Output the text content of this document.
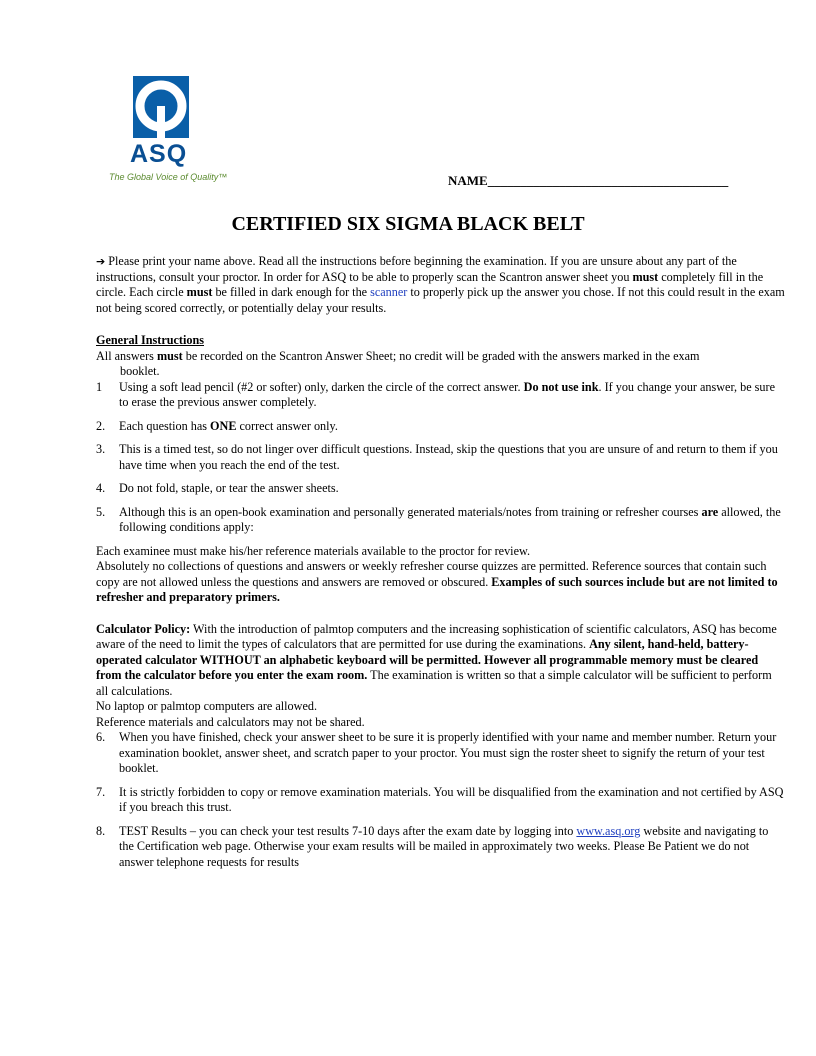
ASQ
The Global Voice of Quality™	NAME_____________________________________
CERTIFIED SIX SIGMA BLACK BELT

➔ Please print your name above. Read all the instructions before beginning the examination. If you are unsure about any part of the instructions, consult your proctor. In order for ASQ to be able to properly scan the Scantron answer sheet you must completely fill in the circle. Each circle must be filled in dark enough for the scanner to properly pick up the answer you chose. If not this could result in the exam not being scored correctly, or potentially delay your results.

General Instructions

All answers must be recorded on the Scantron Answer Sheet; no credit will be graded with the answers marked in the exam
booklet.

1	Using a soft lead pencil (#2 or softer) only, darken the circle of the correct answer. Do not use ink. If you change your answer, be sure to erase the previous answer completely.
2.	Each question has ONE correct answer only.
3.	This is a timed test, so do not linger over difficult questions. Instead, skip the questions that you are unsure of and return to them if you have time when you reach the end of the test.
4.	Do not fold, staple, or tear the answer sheets.
5.	Although this is an open-book examination and personally generated materials/notes from training or refresher courses are allowed, the following conditions apply:

Each examinee must make his/her reference materials available to the proctor for review.

Absolutely no collections of questions and answers or weekly refresher course quizzes are permitted. Reference sources that contain such copy are not allowed unless the questions and answers are removed or obscured. Examples of such sources include but are not limited to refresher and preparatory primers.

Calculator Policy: With the introduction of palmtop computers and the increasing sophistication of scientific calculators, ASQ has become aware of the need to limit the types of calculators that are permitted for use during the examinations. Any silent, hand-held, battery-operated calculator WITHOUT an alphabetic keyboard will be permitted. However all programmable memory must be cleared from the calculator before you enter the exam room. The examination is written so that a simple calculator will be sufficient to perform all calculations.

No laptop or palmtop computers are allowed.

Reference materials and calculators may not be shared.

6.	When you have finished, check your answer sheet to be sure it is properly identified with your name and member number. Return your examination booklet, answer sheet, and scratch paper to your proctor. You must sign the roster sheet to signify the return of your test booklet.
7.	It is strictly forbidden to copy or remove examination materials. You will be disqualified from the examination and not certified by ASQ if you breach this trust.
8.	TEST Results – you can check your test results 7-10 days after the exam date by logging into www.asq.org website and navigating to the Certification web page. Otherwise your exam results will be mailed in approximately two weeks. Please Be Patient we do not answer telephone requests for results
